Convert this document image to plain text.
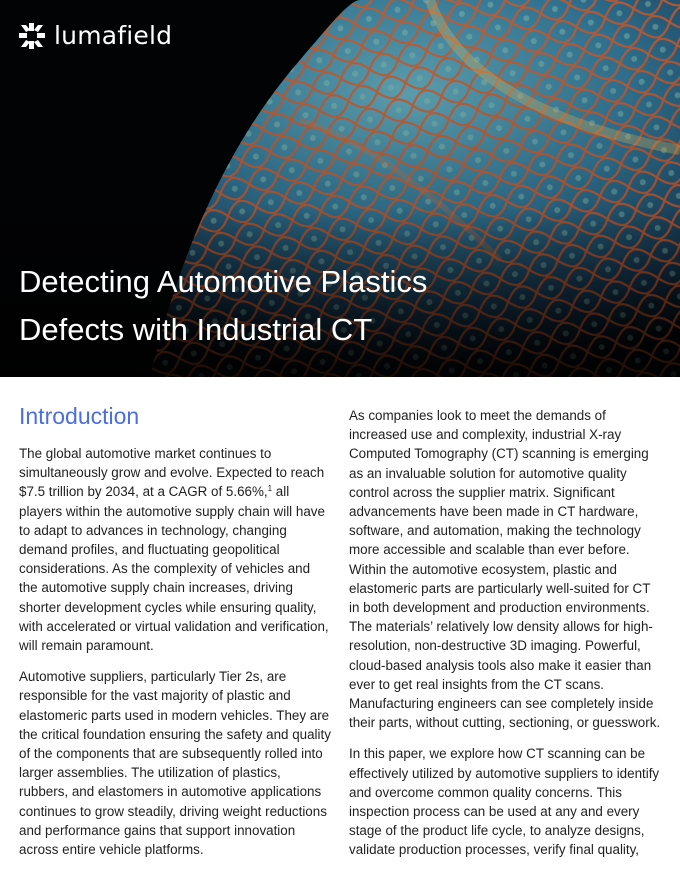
lumafield
Detecting Automotive Plastics
Defects with Industrial CT
Introduction

The global automotive market continues to simultaneously grow and evolve. Expected to reach $7.5 trillion by 2034, at a CAGR of 5.66%,$^1$ all players within the automotive supply chain will have to adapt to advances in technology, changing demand profiles, and fluctuating geopolitical considerations. As the complexity of vehicles and the automotive supply chain increases, driving shorter development cycles while ensuring quality, with accelerated or virtual validation and verification, will remain paramount.

Automotive suppliers, particularly Tier 2s, are responsible for the vast majority of plastic and elastomeric parts used in modern vehicles. They are the critical foundation ensuring the safety and quality of the components that are subsequently rolled into larger assemblies. The utilization of plastics, rubbers, and elastomers in automotive applications continues to grow steadily, driving weight reductions and performance gains that support innovation across entire vehicle platforms.

As companies look to meet the demands of increased use and complexity, industrial X-ray Computed Tomography (CT) scanning is emerging as an invaluable solution for automotive quality control across the supplier matrix. Significant advancements have been made in CT hardware, software, and automation, making the technology more accessible and scalable than ever before. Within the automotive ecosystem, plastic and elastomeric parts are particularly well-suited for CT in both development and production environments. The materials’ relatively low density allows for high-resolution, non-destructive 3D imaging. Powerful, cloud-based analysis tools also make it easier than ever to get real insights from the CT scans. Manufacturing engineers can see completely inside their parts, without cutting, sectioning, or guesswork.

In this paper, we explore how CT scanning can be effectively utilized by automotive suppliers to identify and overcome common quality concerns. This inspection process can be used at any and every stage of the product life cycle, to analyze designs, validate production processes, verify final quality,
